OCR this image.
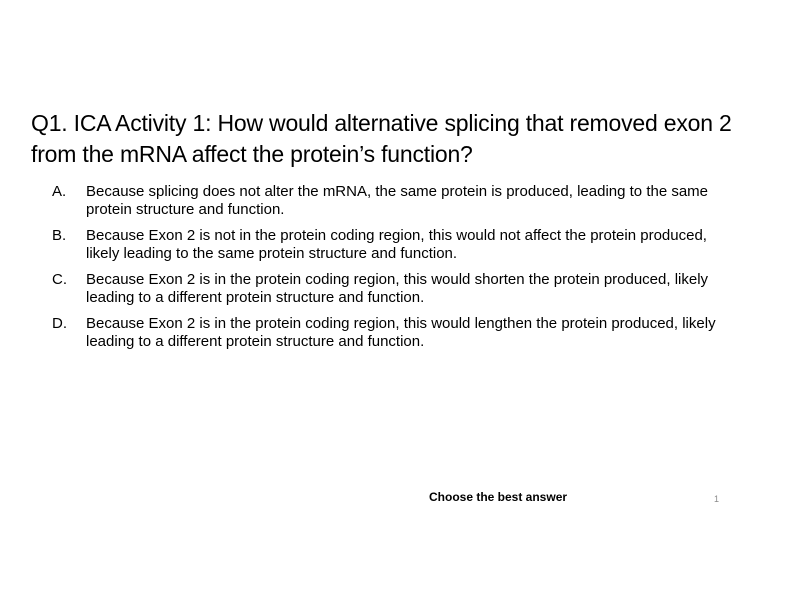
Q1. ICA Activity 1: How would alternative splicing that removed exon 2 from the mRNA affect the protein’s function?
A.	Because splicing does not alter the mRNA, the same protein is produced, leading to the same protein structure and function.
B.	Because Exon 2 is not in the protein coding region, this would not affect the protein produced, likely leading to the same protein structure and function.
C.	Because Exon 2 is in the protein coding region, this would shorten the protein produced, likely leading to a different protein structure and function.
D.	Because Exon 2 is in the protein coding region, this would lengthen the protein produced, likely leading to a different protein structure and function.
Choose the best answer	1
